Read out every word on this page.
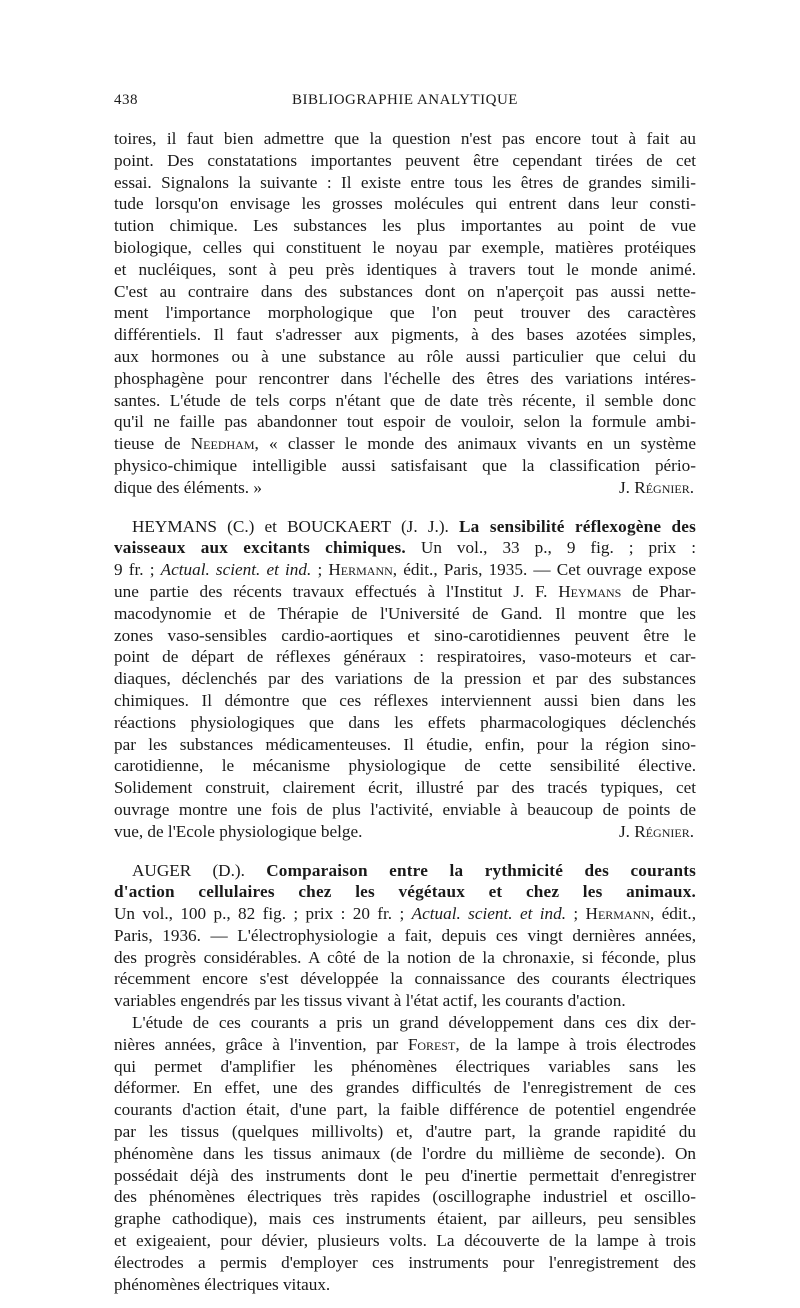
438	BIBLIOGRAPHIE ANALYTIQUE
toires, il faut bien admettre que la question n'est pas encore tout à fait au
point. Des constatations importantes peuvent être cependant tirées de cet
essai. Signalons la suivante : Il existe entre tous les êtres de grandes simili-
tude lorsqu'on envisage les grosses molécules qui entrent dans leur consti-
tution chimique. Les substances les plus importantes au point de vue
biologique, celles qui constituent le noyau par exemple, matières protéiques
et nucléiques, sont à peu près identiques à travers tout le monde animé.
C'est au contraire dans des substances dont on n'aperçoit pas aussi nette-
ment l'importance morphologique que l'on peut trouver des caractères
différentiels. Il faut s'adresser aux pigments, à des bases azotées simples,
aux hormones ou à une substance au rôle aussi particulier que celui du
phosphagène pour rencontrer dans l'échelle des êtres des variations intéres-
santes. L'étude de tels corps n'étant que de date très récente, il semble donc
qu'il ne faille pas abandonner tout espoir de vouloir, selon la formule ambi-
tieuse de Needham, « classer le monde des animaux vivants en un système
physico-chimique intelligible aussi satisfaisant que la classification pério-
dique des éléments. »	J. Régnier.
HEYMANS (C.) et BOUCKAERT (J. J.). La sensibilité réflexogène des
vaisseaux aux excitants chimiques. Un vol., 33 p., 9 fig. ; prix :
9 fr. ; Actual. scient. et ind. ; Hermann, édit., Paris, 1935. — Cet ouvrage expose
une partie des récents travaux effectués à l'Institut J. F. Heymans de Phar-
macodynomie et de Thérapie de l'Université de Gand. Il montre que les
zones vaso-sensibles cardio-aortiques et sino-carotidiennes peuvent être le
point de départ de réflexes généraux : respiratoires, vaso-moteurs et car-
diaques, déclenchés par des variations de la pression et par des substances
chimiques. Il démontre que ces réflexes interviennent aussi bien dans les
réactions physiologiques que dans les effets pharmacologiques déclenchés
par les substances médicamenteuses. Il étudie, enfin, pour la région sino-
carotidienne, le mécanisme physiologique de cette sensibilité élective.
Solidement construit, clairement écrit, illustré par des tracés typiques, cet
ouvrage montre une fois de plus l'activité, enviable à beaucoup de points de
vue, de l'Ecole physiologique belge.	J. Régnier.
AUGER (D.). Comparaison entre la rythmicité des courants
d'action cellulaires chez les végétaux et chez les animaux.
Un vol., 100 p., 82 fig. ; prix : 20 fr. ; Actual. scient. et ind. ; Hermann, édit.,
Paris, 1936. — L'électrophysiologie a fait, depuis ces vingt dernières années,
des progrès considérables. A côté de la notion de la chronaxie, si féconde, plus
récemment encore s'est développée la connaissance des courants électriques
variables engendrés par les tissus vivant à l'état actif, les courants d'action.
L'étude de ces courants a pris un grand développement dans ces dix der-
nières années, grâce à l'invention, par Forest, de la lampe à trois électrodes
qui permet d'amplifier les phénomènes électriques variables sans les
déformer. En effet, une des grandes difficultés de l'enregistrement de ces
courants d'action était, d'une part, la faible différence de potentiel engendrée
par les tissus (quelques millivolts) et, d'autre part, la grande rapidité du
phénomène dans les tissus animaux (de l'ordre du millième de seconde). On
possédait déjà des instruments dont le peu d'inertie permettait d'enregistrer
des phénomènes électriques très rapides (oscillographe industriel et oscillo-
graphe cathodique), mais ces instruments étaient, par ailleurs, peu sensibles
et exigeaient, pour dévier, plusieurs volts. La découverte de la lampe à trois
électrodes a permis d'employer ces instruments pour l'enregistrement des
phénomènes électriques vitaux.
